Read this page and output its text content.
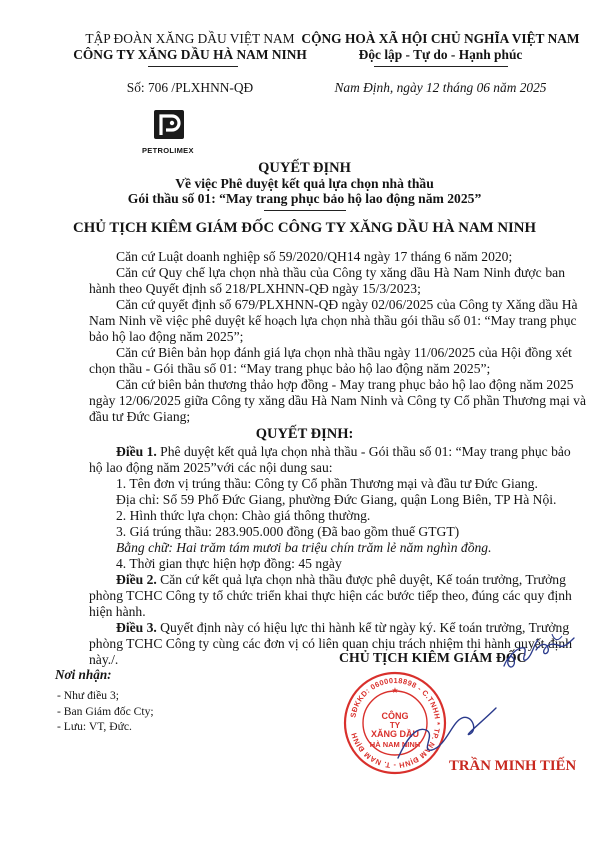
TẬP ĐOÀN XĂNG DẦU VIỆT NAM
CÔNG TY XĂNG DẦU HÀ NAM NINH
Số: 706 /PLXHNN-QĐ
CỘNG HOÀ XÃ HỘI CHỦ NGHĨA VIỆT NAM
Độc lập - Tự do - Hạnh phúc
Nam Định, ngày 12 tháng 06 năm 2025
PETROLIMEX
QUYẾT ĐỊNH
Về việc Phê duyệt kết quả lựa chọn nhà thầu
Gói thầu số 01: “May trang phục bảo hộ lao động năm 2025”
CHỦ TỊCH KIÊM GIÁM ĐỐC CÔNG TY XĂNG DẦU HÀ NAM NINH
Căn cứ Luật doanh nghiệp số 59/2020/QH14 ngày 17 tháng 6 năm 2020;
Căn cứ Quy chế lựa chọn nhà thầu của Công ty xăng dầu Hà Nam Ninh được ban
hành theo Quyết định số 218/PLXHNN-QĐ ngày 15/3/2023;
Căn cứ quyết định số 679/PLXHNN-QĐ ngày 02/06/2025 của Công ty Xăng dầu Hà
Nam Ninh về việc phê duyệt kế hoạch lựa chọn nhà thầu gói thầu số 01: “May trang phục
bảo hộ lao động năm 2025”;
Căn cứ Biên bản họp đánh giá lựa chọn nhà thầu ngày 11/06/2025 của Hội đồng xét
chọn thầu - Gói thầu số 01: “May trang phục bảo hộ lao động năm 2025”;
Căn cứ biên bản thương thảo hợp đồng - May trang phục bảo hộ lao động năm 2025
ngày 12/06/2025 giữa Công ty xăng dầu Hà Nam Ninh và Công ty Cổ phần Thương mại và
đầu tư Đức Giang;
QUYẾT ĐỊNH:
Điều 1. Phê duyệt kết quả lựa chọn nhà thầu - Gói thầu số 01: “May trang phục bảo
hộ lao động năm 2025”với các nội dung sau:
1. Tên đơn vị trúng thầu: Công ty Cổ phần Thương mại và đầu tư Đức Giang.
Địa chỉ: Số 59 Phố Đức Giang, phường Đức Giang, quận Long Biên, TP Hà Nội.
2. Hình thức lựa chọn: Chào giá thông thường.
3. Giá trúng thầu: 283.905.000 đồng (Đã bao gồm thuế GTGT)
Bằng chữ: Hai trăm tám mươi ba triệu chín trăm lẻ năm nghìn đồng.
4. Thời gian thực hiện hợp đồng: 45 ngày
Điều 2. Căn cứ kết quả lựa chọn nhà thầu được phê duyệt, Kế toán trưởng, Trưởng
phòng TCHC Công ty tổ chức triển khai thực hiện các bước tiếp theo, đúng các quy định
hiện hành.
Điều 3. Quyết định này có hiệu lực thi hành kể từ ngày ký. Kế toán trưởng, Trưởng
phòng TCHC Công ty cùng các đơn vị có liên quan chịu trách nhiệm thi hành quyết định
này./.
Nơi nhận:
- Như điều 3;
- Ban Giám đốc Cty;
- Lưu: VT, Đức.
CHỦ TỊCH KIÊM GIÁM ĐỐC
SĐKKD: 0600018898 - C.TNHH * TP. NAM ĐỊNH - T. NAM ĐỊNH
CÔNG
TY
XĂNG DẦU
HÀ NAM NINH
★
TRẦN MINH TIẾN
